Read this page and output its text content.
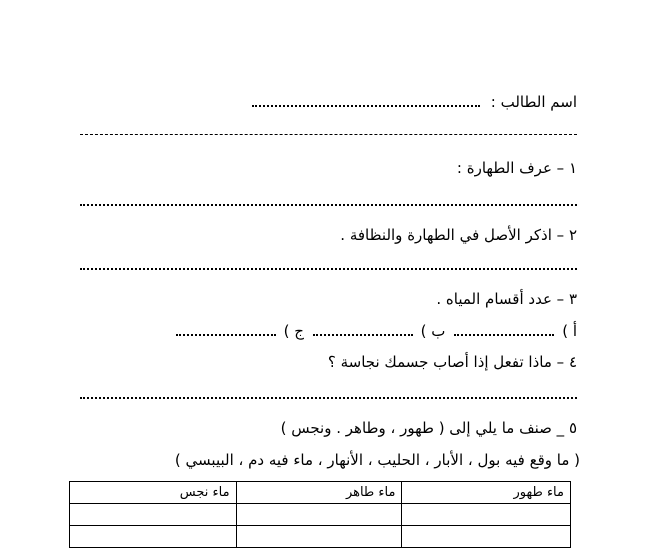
اسم الطالب :
١ – عرف الطهارة :
٢ – اذكر الأصل في الطهارة والنظافة .
٣ – عدد أقسام المياه .
أ ) ب ) ج )
٤ – ماذا تفعل إذا أصاب جسمك نجاسة ؟
٥ _ صنف ما يلي إلى ( طهور ، وطاهر . ونجس )
( ما وقع فيه بول ، الأبار ، الحليب ، الأنهار ، ماء فيه دم ، البيبسي )
ماء طهور	ماء طاهر	ماء نجس
